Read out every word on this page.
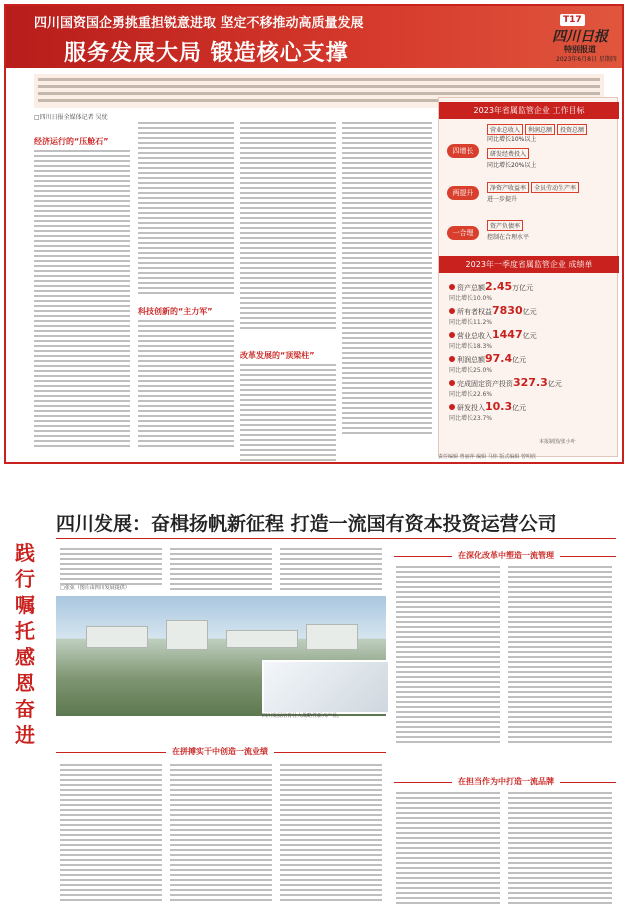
四川国资国企勇挑重担锐意进取 坚定不移推动高质量发展
服务发展大局 锻造核心支撑
T17
四川日报
特别报道
2023年6月8日 星期四
□四川日报全媒体记者 吴忧
经济运行的“压舱石”
科技创新的“主力军”
改革发展的“顶梁柱”
2023年省属监管企业 工作目标
四增长
营业总收入 利润总额 投资总额
同比增长10%以上
研发经费投入
同比增长20%以上
两提升
净资产收益率 全员劳动生产率
进一步提升
一合理
资产负债率
控制在合理水平
2023年一季度省属监管企业 成绩单
资产总额2.45万亿元
同比增长10.0%
所有者权益7830亿元
同比增长11.2%
营业总收入1447亿元
同比增长18.3%
利润总额97.4亿元
同比增长25.0%
完成固定资产投资327.3亿元
同比增长22.6%
研发投入10.3亿元
同比增长23.7%
本报制图/张小叶
责任编辑 曾丽萍 编辑 马炜 版式编辑 曾明欣
四川发展：奋楫扬帆新征程 打造一流国有资本投资运营公司
践行嘱托感恩奋进
□张弦（图片由四川发展提供）
四川发展培育壮大战略性新兴产业。
在拼搏实干中创造一流业绩
在深化改革中塑造一流管理
在担当作为中打造一流品牌
